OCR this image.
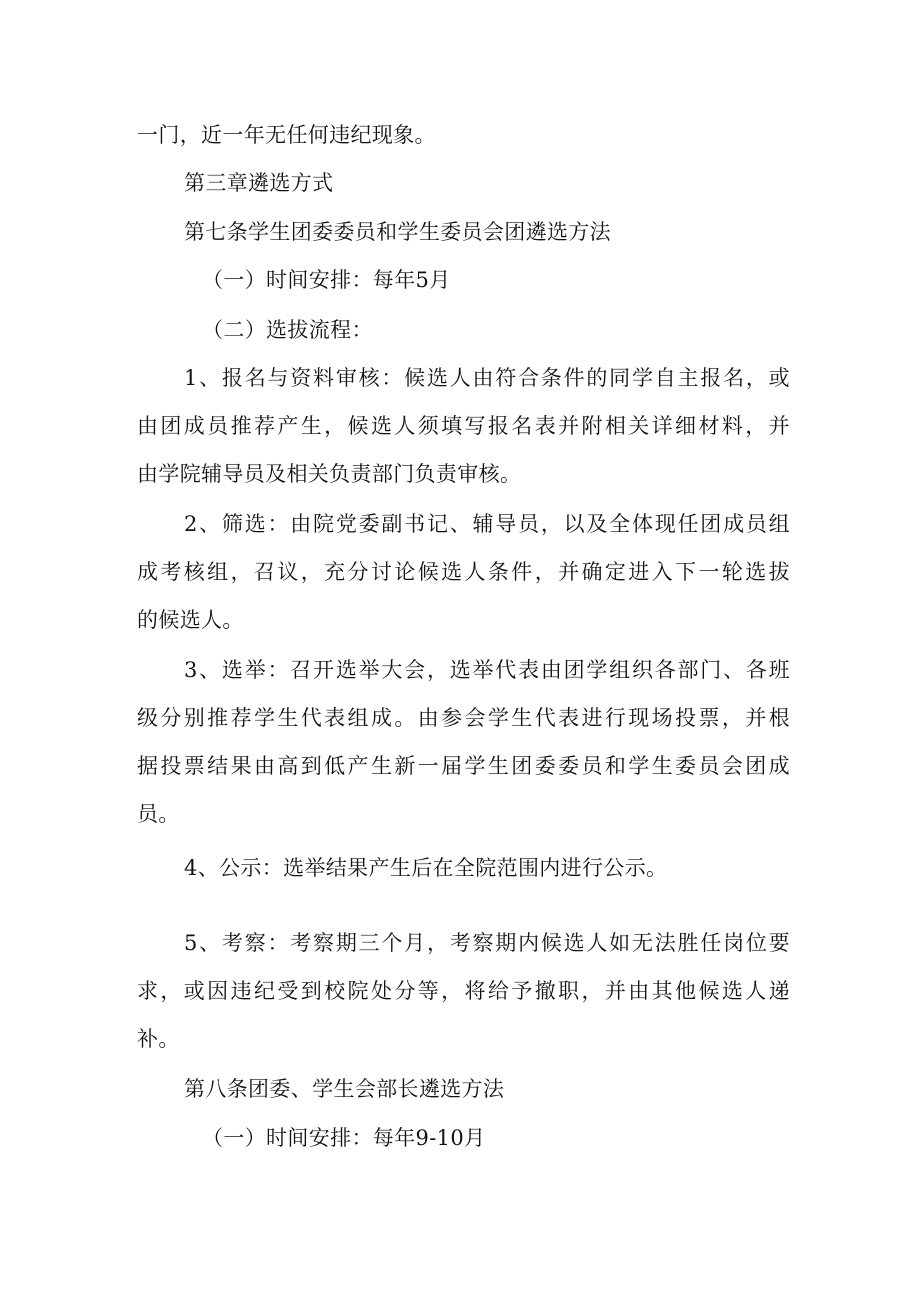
一门，近一年无任何违纪现象。
第三章遴选方式
第七条学生团委委员和学生委员会团遴选方法
（一）时间安排：每年5月
（二）选拔流程：
1、报名与资料审核：候选人由符合条件的同学自主报名，或
由团成员推荐产生，候选人须填写报名表并附相关详细材料，并
由学院辅导员及相关负责部门负责审核。
2、筛选：由院党委副书记、辅导员，以及全体现任团成员组
成考核组，召议，充分讨论候选人条件，并确定进入下一轮选拔
的候选人。
3、选举：召开选举大会，选举代表由团学组织各部门、各班
级分别推荐学生代表组成。由参会学生代表进行现场投票，并根
据投票结果由高到低产生新一届学生团委委员和学生委员会团成
员。
4、公示：选举结果产生后在全院范围内进行公示。
5、考察：考察期三个月，考察期内候选人如无法胜任岗位要
求，或因违纪受到校院处分等，将给予撤职，并由其他候选人递
补。
第八条团委、学生会部长遴选方法
（一）时间安排：每年9-10月
